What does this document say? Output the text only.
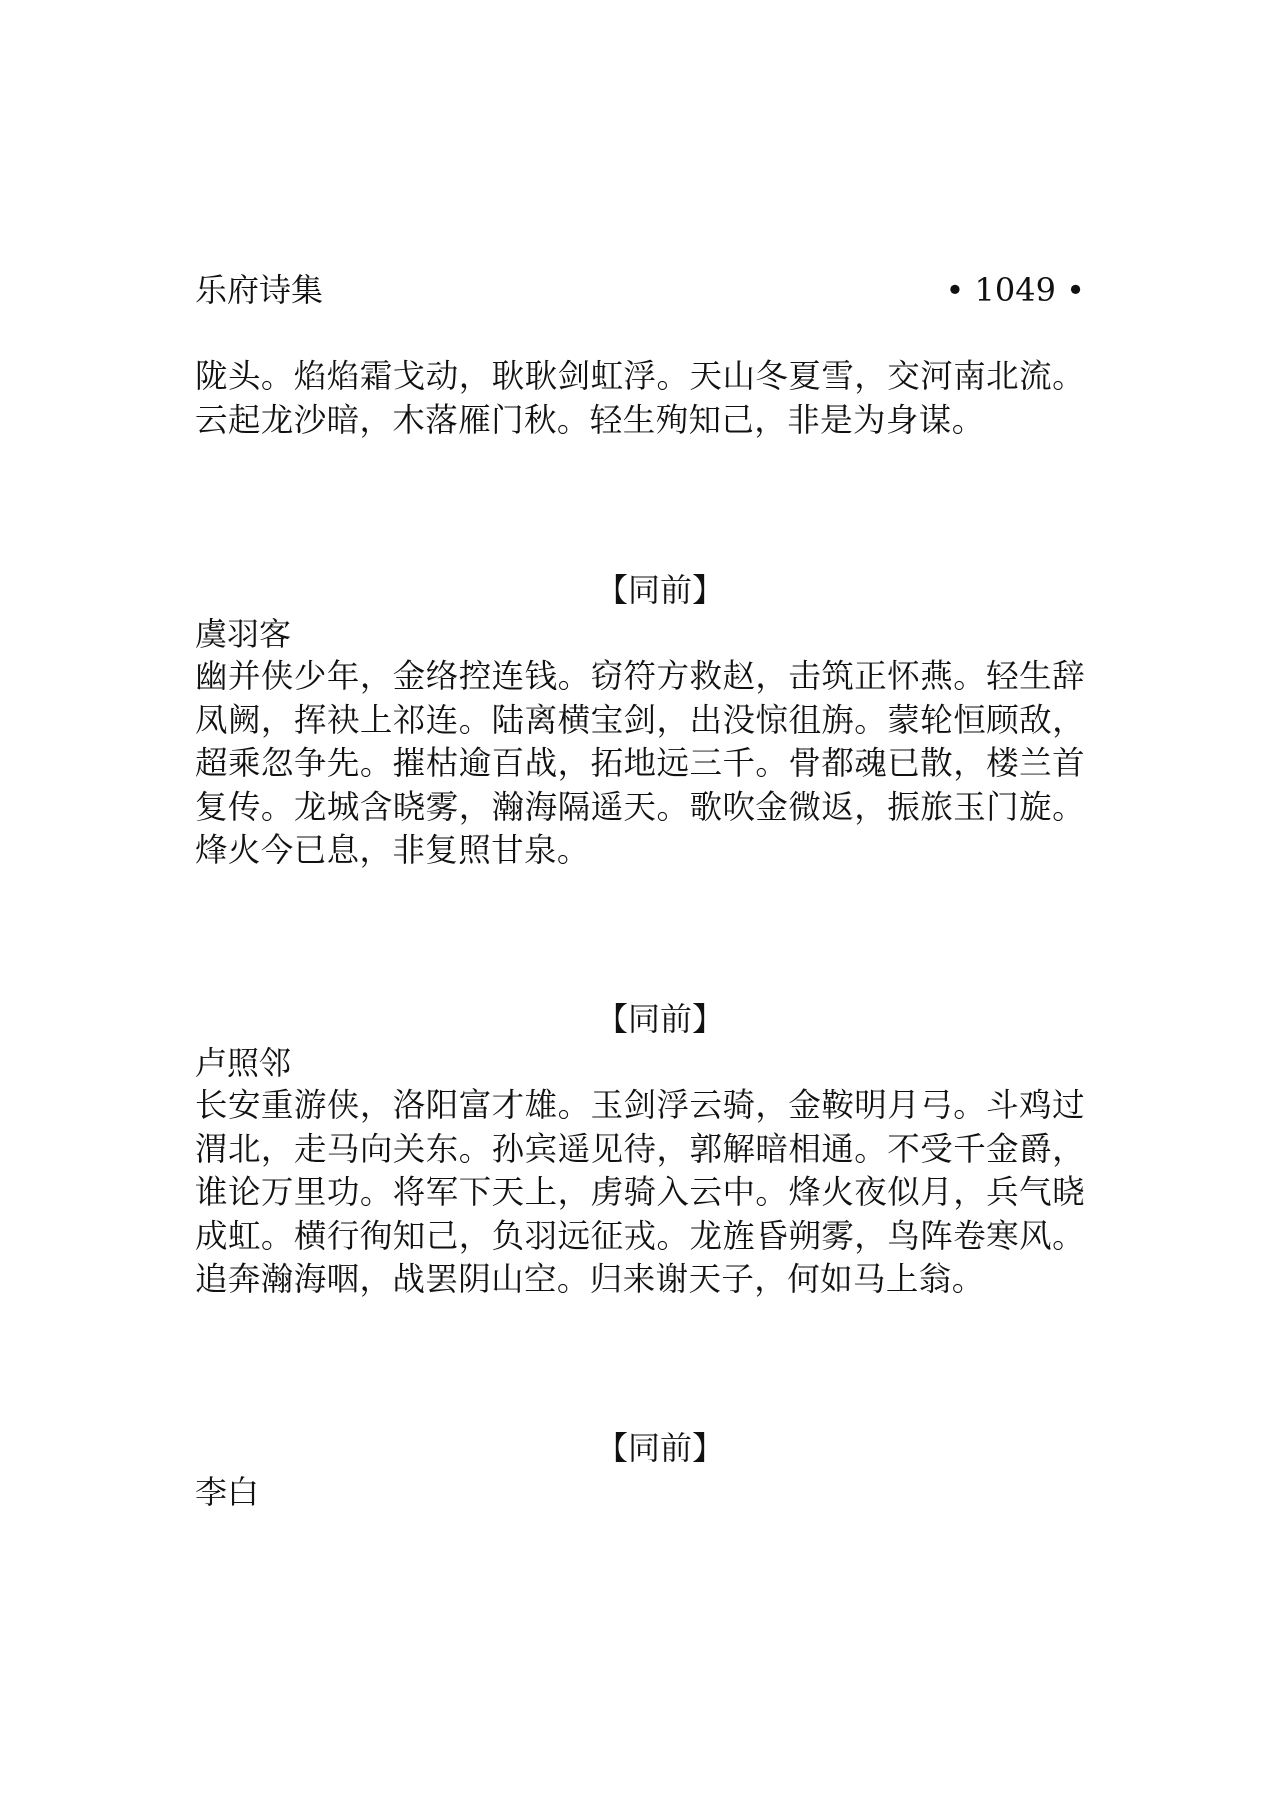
乐府诗集	• 1049 •
陇头。焰焰霜戈动，耿耿剑虹浮。天山冬夏雪，交河南北流。云起龙沙暗，木落雁门秋。轻生殉知己，非是为身谋。
【同前】
虞羽客
幽并侠少年，金络控连钱。窃符方救赵，击筑正怀燕。轻生辞凤阙，挥袂上祁连。陆离横宝剑，出没惊徂旃。蒙轮恒顾敌，超乘忽争先。摧枯逾百战，拓地远三千。骨都魂已散，楼兰首复传。龙城含晓雾，瀚海隔遥天。歌吹金微返，振旅玉门旋。烽火今已息，非复照甘泉。
【同前】
卢照邻
长安重游侠，洛阳富才雄。玉剑浮云骑，金鞍明月弓。斗鸡过渭北，走马向关东。孙宾遥见待，郭解暗相通。不受千金爵，谁论万里功。将军下天上，虏骑入云中。烽火夜似月，兵气晓成虹。横行徇知己，负羽远征戎。龙旌昏朔雾，鸟阵卷寒风。追奔瀚海咽，战罢阴山空。归来谢天子，何如马上翁。
【同前】
李白
